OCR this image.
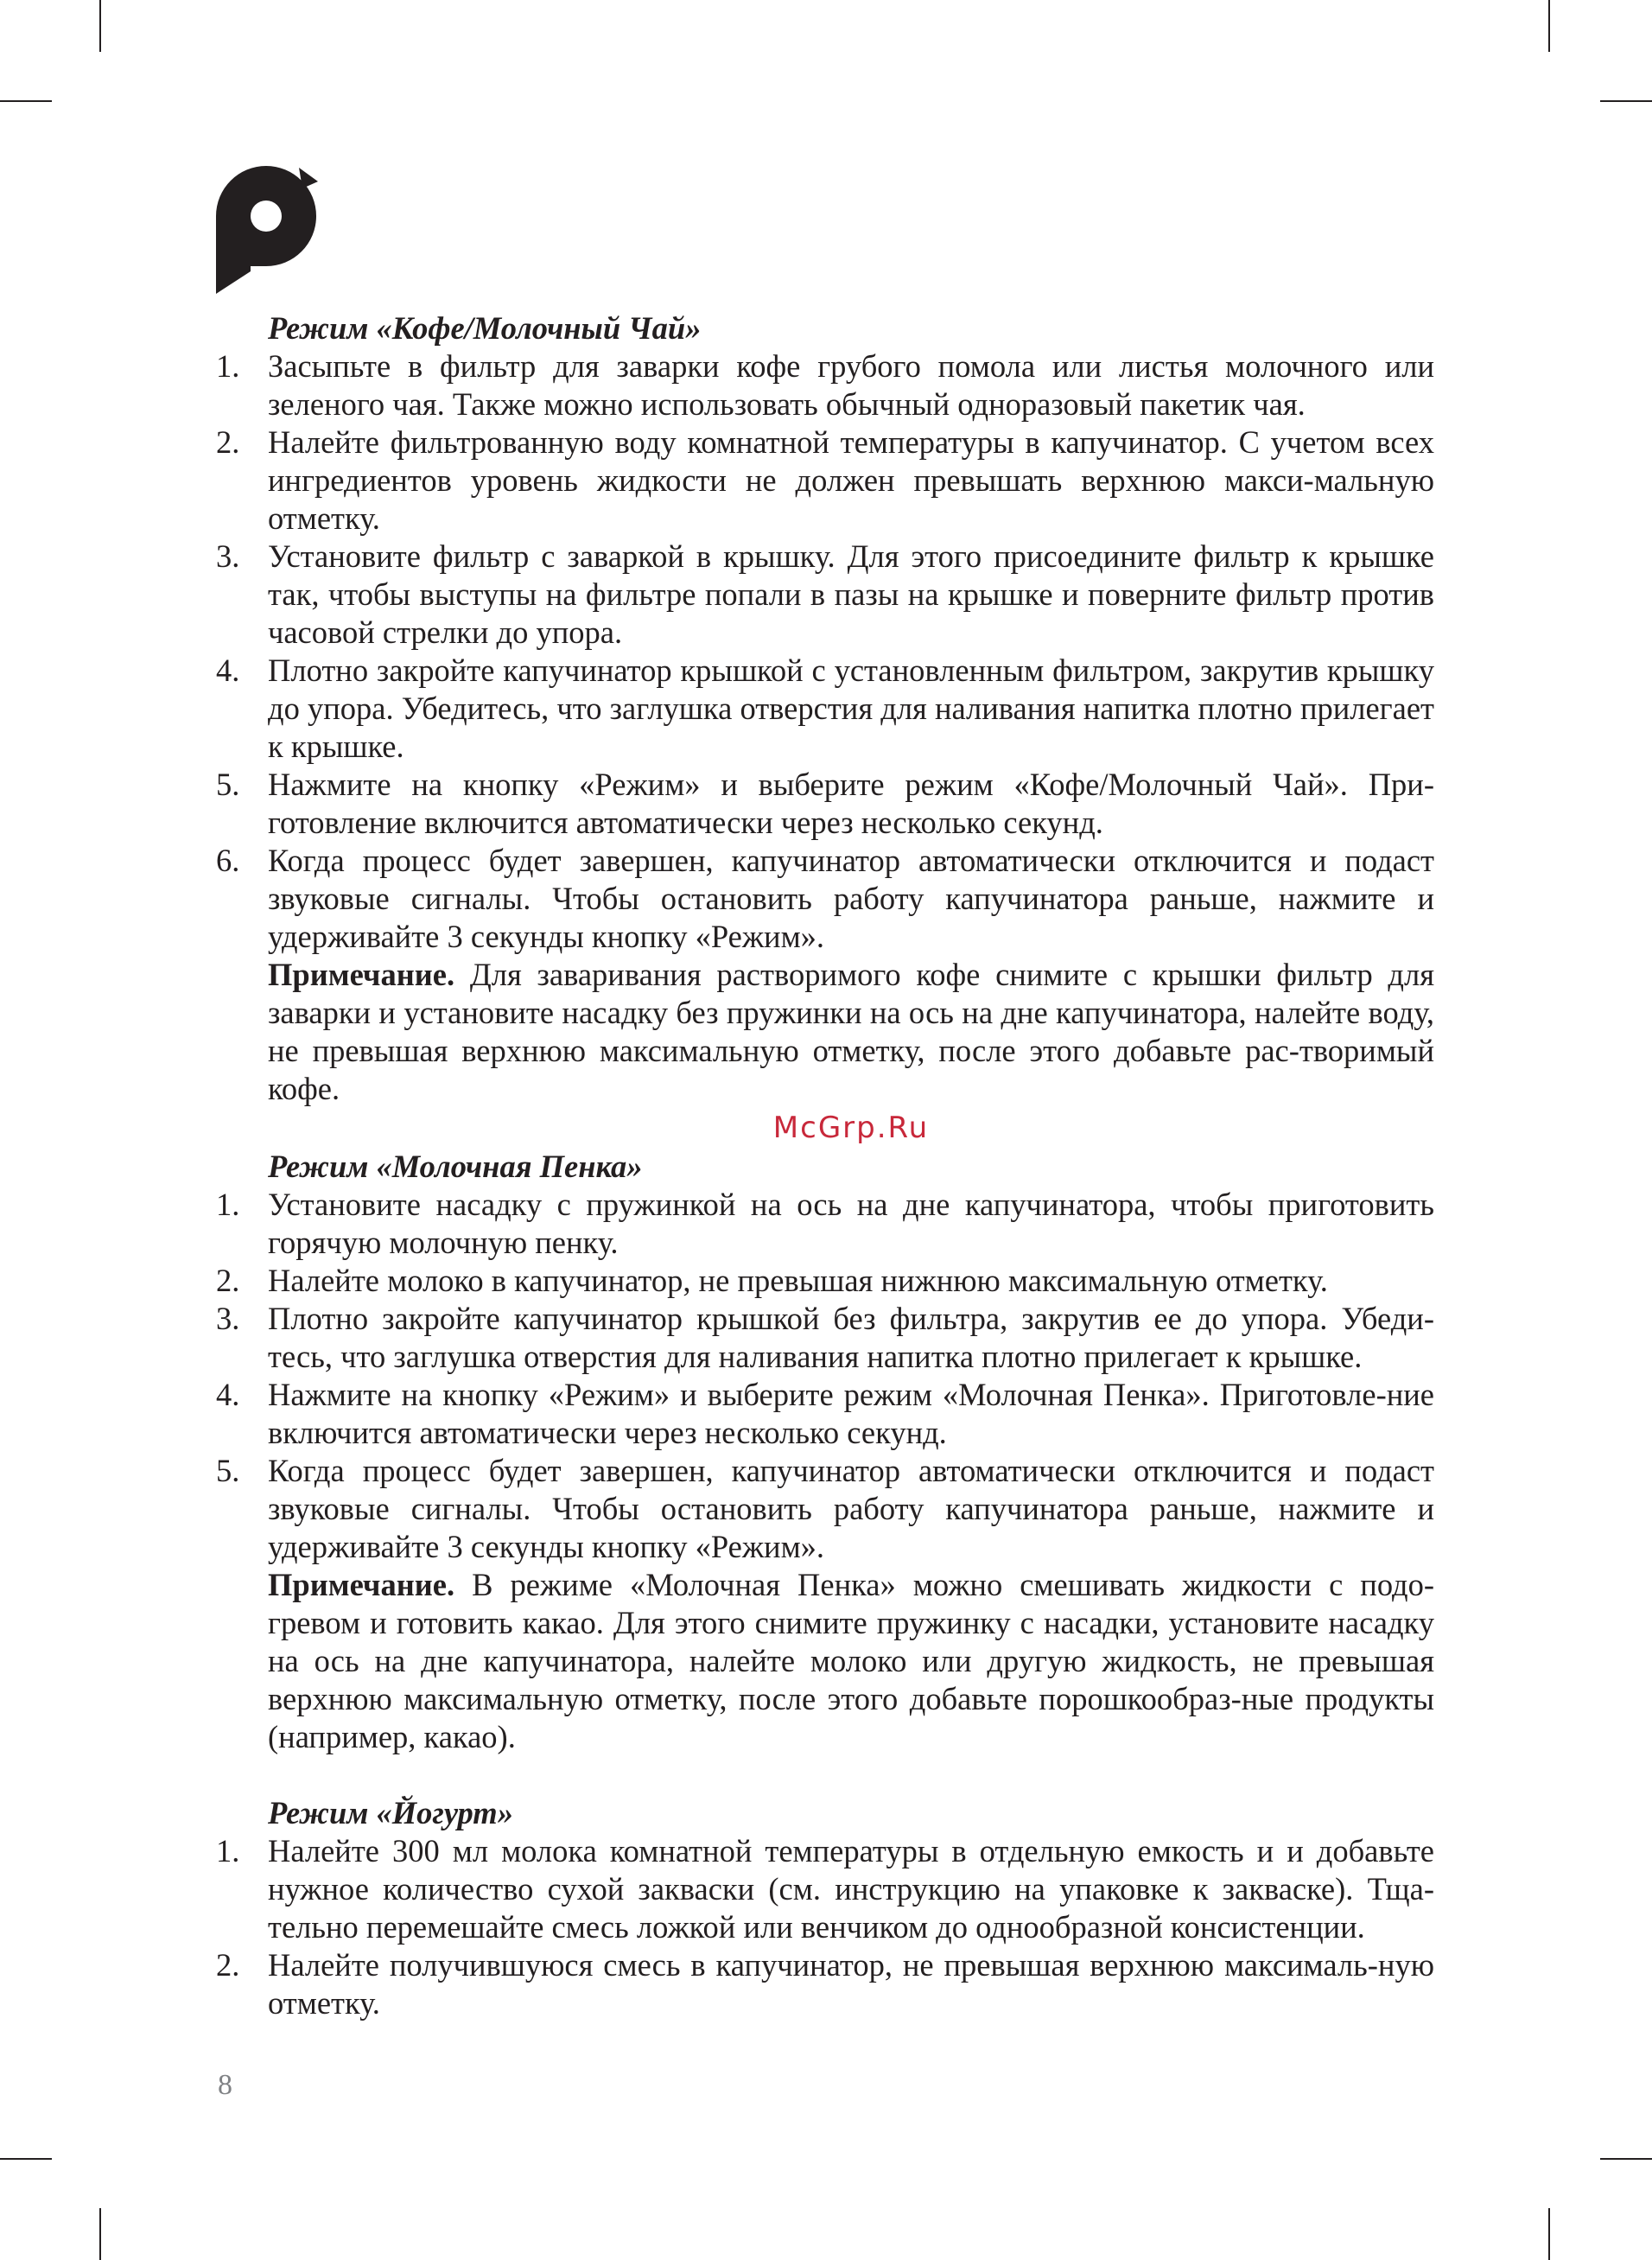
Режим «Кофе/Молочный Чай»
1. Засыпьте в фильтр для заварки кофе грубого помола или листья молочного или зеленого чая. Также можно использовать обычный одноразовый пакетик чая.
2. Налейте фильтрованную воду комнатной температуры в капучинатор. С учетом всех ингредиентов уровень жидкости не должен превышать верхнюю макси-мальную отметку.
3. Установите фильтр с заваркой в крышку. Для этого присоедините фильтр к крышке так, чтобы выступы на фильтре попали в пазы на крышке и поверните фильтр против часовой стрелки до упора.
4. Плотно закройте капучинатор крышкой с установленным фильтром, закрутив крышку до упора. Убедитесь, что заглушка отверстия для наливания напитка плотно прилегает к крышке.
5. Нажмите на кнопку «Режим» и выберите режим «Кофе/Молочный Чай». При-готовление включится автоматически через несколько секунд.
6. Когда процесс будет завершен, капучинатор автоматически отключится и подаст звуковые сигналы. Чтобы остановить работу капучинатора раньше, нажмите и удерживайте 3 секунды кнопку «Режим».

Примечание. Для заваривания растворимого кофе снимите с крышки фильтр для заварки и установите насадку без пружинки на ось на дне капучинатора, налейте воду, не превышая верхнюю максимальную отметку, после этого добавьте рас-творимый кофе.

McGrp.Ru

Режим «Молочная Пенка»
1. Установите насадку с пружинкой на ось на дне капучинатора, чтобы приготовить горячую молочную пенку.
2. Налейте молоко в капучинатор, не превышая нижнюю максимальную отметку.
3. Плотно закройте капучинатор крышкой без фильтра, закрутив ее до упора. Убеди-тесь, что заглушка отверстия для наливания напитка плотно прилегает к крышке.
4. Нажмите на кнопку «Режим» и выберите режим «Молочная Пенка». Приготовле-ние включится автоматически через несколько секунд.
5. Когда процесс будет завершен, капучинатор автоматически отключится и подаст звуковые сигналы. Чтобы остановить работу капучинатора раньше, нажмите и удерживайте 3 секунды кнопку «Режим».

Примечание. В режиме «Молочная Пенка» можно смешивать жидкости с подо-гревом и готовить какао. Для этого снимите пружинку с насадки, установите насадку на ось на дне капучинатора, налейте молоко или другую жидкость, не превышая верхнюю максимальную отметку, после этого добавьте порошкообраз-ные продукты (например, какао).

Режим «Йогурт»
1. Налейте 300 мл молока комнатной температуры в отдельную емкость и и добавьте нужное количество сухой закваски (см. инструкцию на упаковке к закваске). Тща-тельно перемешайте смесь ложкой или венчиком до однообразной консистенции.
2. Налейте получившуюся смесь в капучинатор, не превышая верхнюю максималь-ную отметку.
8
